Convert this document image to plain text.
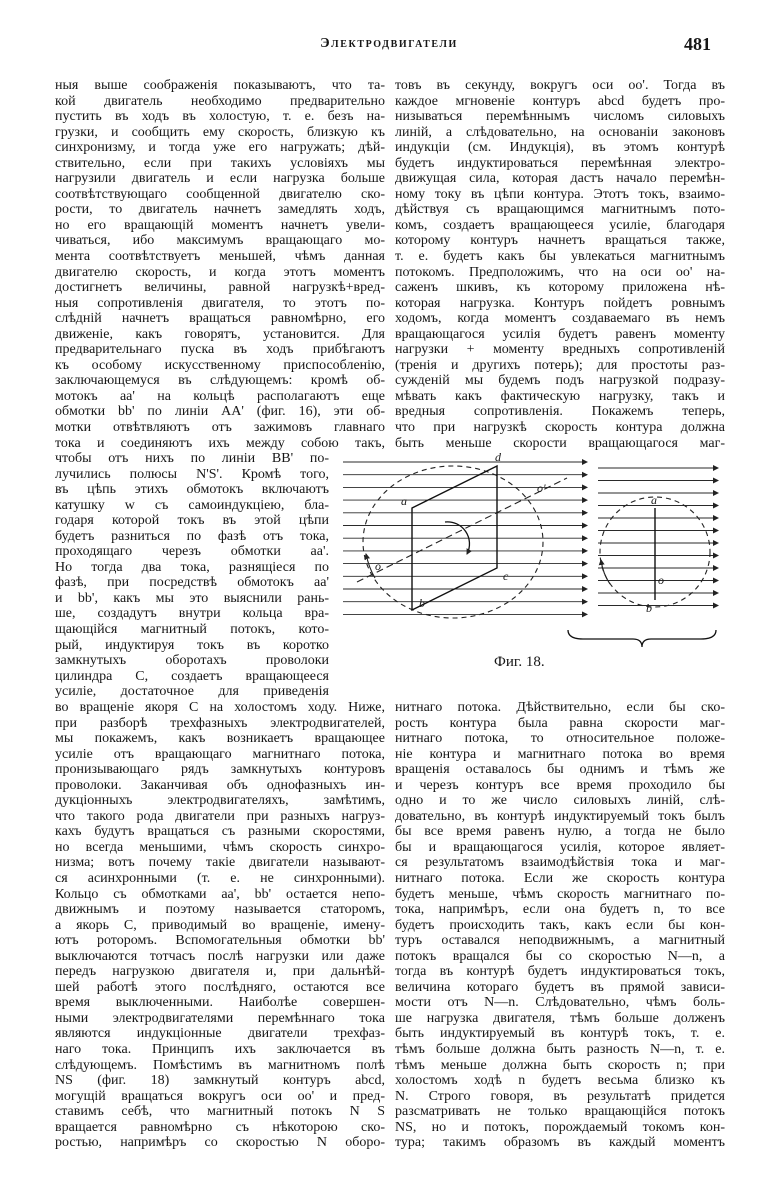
Электродвигатели	481
ныя выше соображенія показываютъ, что та-
кой двигатель необходимо предварительно
пустить въ ходъ въ холостую, т. е. безъ на-
грузки, и сообщить ему скорость, близкую къ
синхронизму, и тогда уже его нагружать; дѣй-
ствительно, если при такихъ условіяхъ мы
нагрузили двигатель и если нагрузка больше
соотвѣтствующаго сообщенной двигателю ско-
рости, то двигатель начнетъ замедлять ходъ,
но его вращающій моментъ начнетъ увели-
чиваться, ибо максимумъ вращающаго мо-
мента соотвѣтствуетъ меньшей, чѣмъ данная
двигателю скорость, и когда этотъ моментъ
достигнетъ величины, равной нагрузкѣ+вред-
ныя сопротивленія двигателя, то этотъ по-
слѣдній начнетъ вращаться равномѣрно, его
движеніе, какъ говорятъ, установится. Для
предварительнаго пуска въ ходъ прибѣгаютъ
къ особому искусственному приспособленію,
заключающемуся въ слѣдующемъ: кромѣ об-
мотокъ aa' на кольцѣ располагаютъ еще
обмотки bb' по линіи AA' (фиг. 16), эти об-
мотки отвѣтвляютъ отъ зажимовъ главнаго
тока и соединяютъ ихъ между собою такъ,
чтобы отъ нихъ по линіи BB' по-
лучились полюсы N'S'. Кромѣ того,
въ цѣпь этихъ обмотокъ включаютъ
катушку w съ самоиндукціею, бла-
годаря которой токъ въ этой цѣпи
будетъ разниться по фазѣ отъ тока,
проходящаго черезъ обмотки aa'.
Но тогда два тока, разнящіеся по
фазѣ, при посредствѣ обмотокъ aa'
и bb', какъ мы это выяснили рань-
ше, создадутъ внутри кольца вра-
щающійся магнитный потокъ, кото-
рый, индуктируя токъ въ коротко
замкнутыхъ оборотахъ проволоки
цилиндра C, создаетъ вращающееся
усиліе, достаточное для приведенія
во вращеніе якоря C на холостомъ ходу. Ниже,
при разборѣ трехфазныхъ электродвигателей,
мы покажемъ, какъ возникаетъ вращающее
усиліе отъ вращающаго магнитнаго потока,
пронизывающаго рядъ замкнутыхъ контуровъ
проволоки. Заканчивая объ однофазныхъ ин-
дукціонныхъ электродвигателяхъ, замѣтимъ,
что такого рода двигатели при разныхъ нагруз-
кахъ будутъ вращаться съ разными скоростями,
но всегда меньшими, чѣмъ скорость синхро-
низма; вотъ почему такіе двигатели называют-
ся асинхронными (т. е. не синхронными).
Кольцо съ обмотками aa', bb' остается непо-
движнымъ и поэтому называется статоромъ,
а якорь C, приводимый во вращеніе, имену-
ютъ роторомъ. Вспомогательныя обмотки bb'
выключаются тотчасъ послѣ нагрузки или даже
передъ нагрузкою двигателя и, при дальнѣй-
шей работѣ этого послѣдняго, остаются все
время выключенными. Наиболѣе совершен-
ными электродвигателями перемѣннаго тока
являются индукціонные двигатели трехфаз-
наго тока. Принципъ ихъ заключается въ
слѣдующемъ. Помѣстимъ въ магнитномъ полѣ
NS (фиг. 18) замкнутый контуръ abcd,
могущій вращаться вокругъ оси oo' и пред-
ставимъ себѣ, что магнитный потокъ N S
вращается равномѣрно съ нѣкоторою ско-
ростью, напримѣръ со скоростью N оборо-
товъ въ секунду, вокругъ оси oo'. Тогда въ
каждое мгновеніе контуръ abcd будетъ про-
низываться перемѣннымъ числомъ силовыхъ
линій, а слѣдовательно, на основаніи законовъ
индукціи (см. Индукція), въ этомъ контурѣ
будетъ индуктироваться перемѣнная электро-
движущая сила, которая дастъ начало перемѣн-
ному току въ цѣпи контура. Этотъ токъ, взаимо-
дѣйствуя съ вращающимся магнитнымъ пото-
комъ, создаетъ вращающееся усиліе, благодаря
которому контуръ начнетъ вращаться также,
т. е. будетъ какъ бы увлекаться магнитнымъ
потокомъ. Предположимъ, что на оси oo' на-
саженъ шкивъ, къ которому приложена нѣ-
которая нагрузка. Контуръ пойдетъ ровнымъ
ходомъ, когда моментъ создаваемаго въ немъ
вращающагося усилія будетъ равенъ моменту
нагрузки + моменту вредныхъ сопротивленій
(тренія и другихъ потерь); для простоты раз-
сужденій мы будемъ подъ нагрузкой подразу-
мѣвать какъ фактическую нагрузку, такъ и
вредныя сопротивленія. Покажемъ теперь,
что при нагрузкѣ скорость контура должна
быть меньше скорости вращающагося маг-
нитнаго потока. Дѣйствительно, если бы ско-
рость контура была равна скорости маг-
нитнаго потока, то относительное положе-
ніе контура и магнитнаго потока во время
вращенія оставалось бы однимъ и тѣмъ же
и черезъ контуръ все время проходило бы
одно и то же число силовыхъ линій, слѣ-
довательно, въ контурѣ индуктируемый токъ былъ
бы все время равенъ нулю, а тогда не было
бы и вращающагося усилія, которое являет-
ся результатомъ взаимодѣйствія тока и маг-
нитнаго потока. Если же скорость контура
будетъ меньше, чѣмъ скорость магнитнаго по-
тока, напримѣръ, если она будетъ n, то все
будетъ происходить такъ, какъ если бы кон-
туръ оставался неподвижнымъ, а магнитный
потокъ вращался бы со скоростью N—n, а
тогда въ контурѣ будетъ индуктироваться токъ,
величина котораго будетъ въ прямой зависи-
мости отъ N—n. Слѣдовательно, чѣмъ боль-
ше нагрузка двигателя, тѣмъ больше долженъ
быть индуктируемый въ контурѣ токъ, т. е.
тѣмъ больше должна быть разность N—n, т. е.
тѣмъ меньше должна быть скорость n; при
холостомъ ходѣ n будетъ весьма близко къ
N. Строго говоря, въ результатѣ придется
разсматривать не только вращающійся потокъ
NS, но и потокъ, порождаемый токомъ кон-
тура; такимъ образомъ въ каждый моментъ
d
a
o'
o
c
b
a
o
b
Фиг. 18.
